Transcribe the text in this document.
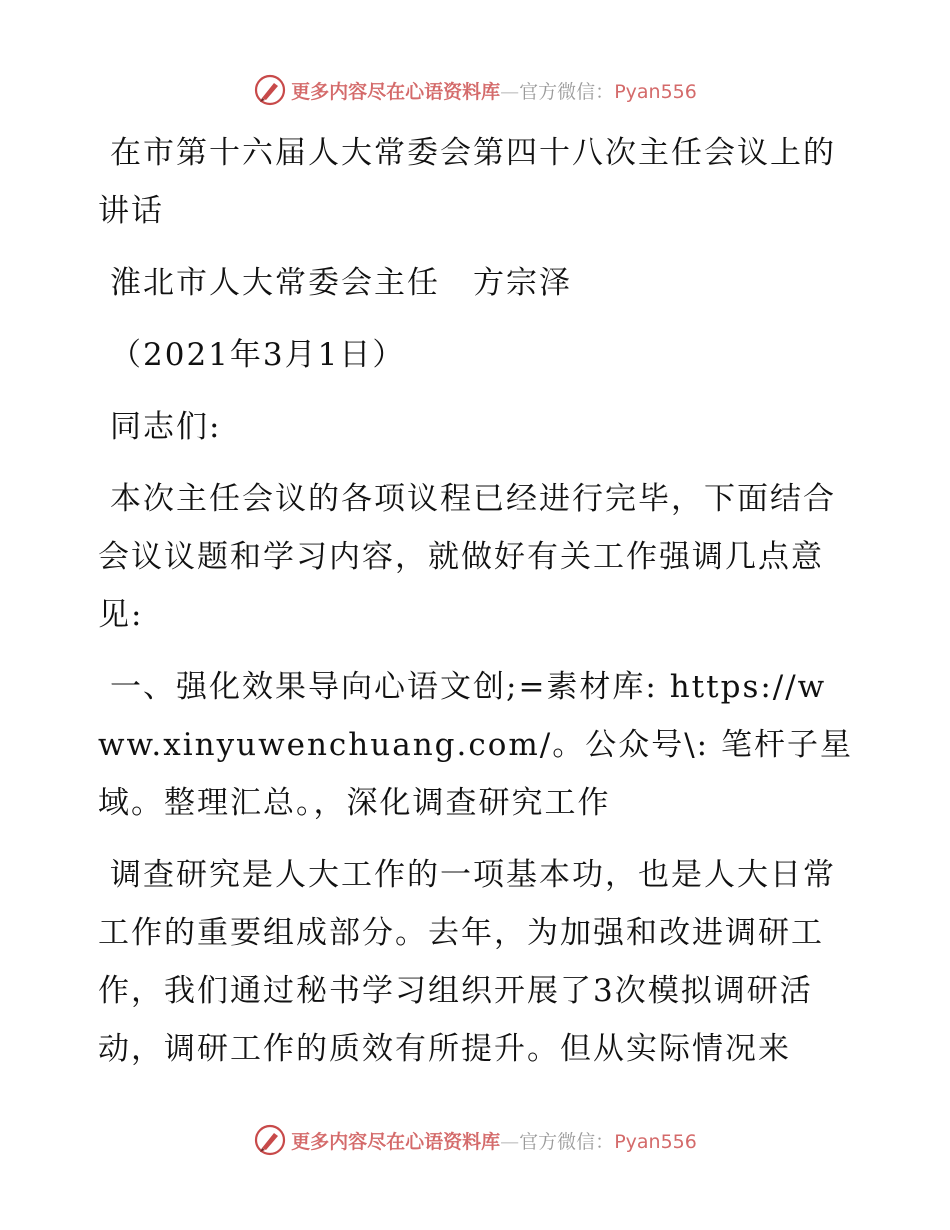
更多内容尽在心语资料库—官方微信：Pyan556

在市第十六届人大常委会第四十八次主任会议上的讲话

淮北市人大常委会主任　方宗泽

（2021年3月1日）

同志们:

本次主任会议的各项议程已经进行完毕，下面结合会议议题和学习内容，就做好有关工作强调几点意见:

一、强化效果导向心语文创;=素材库: https://www.xinyuwenchuang.com/。公众号\: 笔杆子星域。整理汇总。，深化调查研究工作

调查研究是人大工作的一项基本功，也是人大日常工作的重要组成部分。去年，为加强和改进调研工作，我们通过秘书学习组织开展了3次模拟调研活动，调研工作的质效有所提升。但从实际情况来

更多内容尽在心语资料库—官方微信：Pyan556
